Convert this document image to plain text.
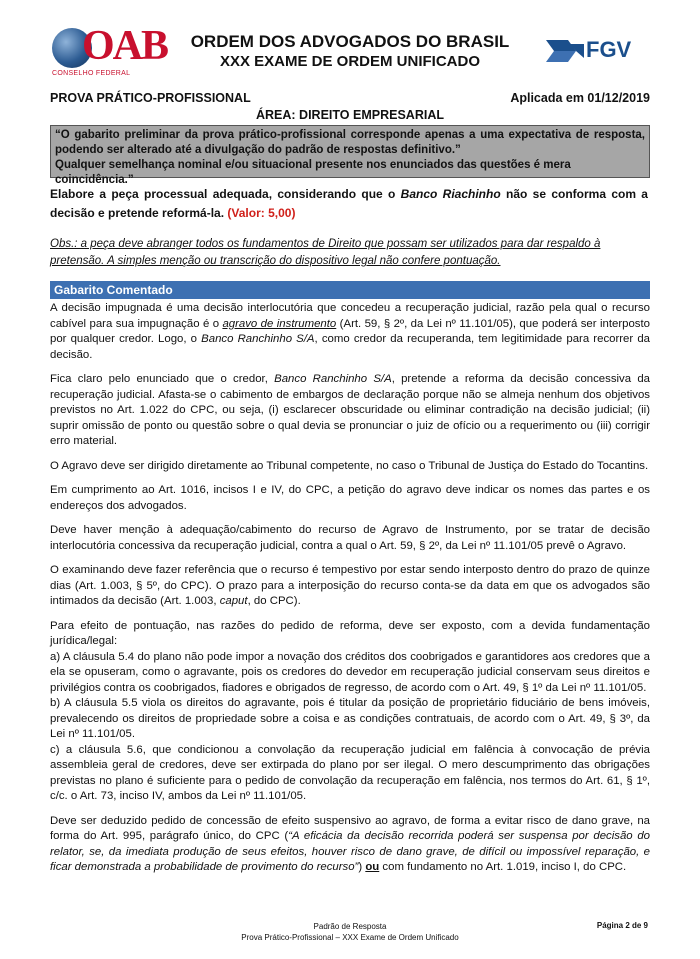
OAB
CONSELHO FEDERAL
ORDEM DOS ADVOGADOS DO BRASIL
XXX EXAME DE ORDEM UNIFICADO	FGV
PROVA PRÁTICO-PROFISSIONAL	Aplicada em 01/12/2019
ÁREA: DIREITO EMPRESARIAL

“O gabarito preliminar da prova prático-profissional corresponde apenas a uma expectativa de resposta, podendo ser alterado até a divulgação do padrão de respostas definitivo.”

Qualquer semelhança nominal e/ou situacional presente nos enunciados das questões é mera coincidência.”

Elabore a peça processual adequada, considerando que o Banco Riachinho não se conforma com a decisão e pretende reformá-la. (Valor: 5,00)
Obs.: a peça deve abranger todos os fundamentos de Direito que possam ser utilizados para dar respaldo à pretensão. A simples menção ou transcrição do dispositivo legal não confere pontuação.
Gabarito Comentado

A decisão impugnada é uma decisão interlocutória que concedeu a recuperação judicial, razão pela qual o recurso cabível para sua impugnação é o agravo de instrumento (Art. 59, § 2º, da Lei nº 11.101/05), que poderá ser interposto por qualquer credor. Logo, o Banco Ranchinho S/A, como credor da recuperanda, tem legitimidade para recorrer da decisão.

Fica claro pelo enunciado que o credor, Banco Ranchinho S/A, pretende a reforma da decisão concessiva da recuperação judicial. Afasta-se o cabimento de embargos de declaração porque não se almeja nenhum dos objetivos previstos no Art. 1.022 do CPC, ou seja, (i) esclarecer obscuridade ou eliminar contradição na decisão judicial; (ii) suprir omissão de ponto ou questão sobre o qual devia se pronunciar o juiz de ofício ou a requerimento ou (iii) corrigir erro material.

O Agravo deve ser dirigido diretamente ao Tribunal competente, no caso o Tribunal de Justiça do Estado do Tocantins.

Em cumprimento ao Art. 1016, incisos I e IV, do CPC, a petição do agravo deve indicar os nomes das partes e os endereços dos advogados.

Deve haver menção à adequação/cabimento do recurso de Agravo de Instrumento, por se tratar de decisão interlocutória concessiva da recuperação judicial, contra a qual o Art. 59, § 2º, da Lei nº 11.101/05 prevê o Agravo.

O examinando deve fazer referência que o recurso é tempestivo por estar sendo interposto dentro do prazo de quinze dias (Art. 1.003, § 5º, do CPC). O prazo para a interposição do recurso conta-se da data em que os advogados são intimados da decisão (Art. 1.003, caput, do CPC).

Para efeito de pontuação, nas razões do pedido de reforma, deve ser exposto, com a devida fundamentação jurídica/legal:

a) A cláusula 5.4 do plano não pode impor a novação dos créditos dos coobrigados e garantidores aos credores que a ela se opuseram, como o agravante, pois os credores do devedor em recuperação judicial conservam seus direitos e privilégios contra os coobrigados, fiadores e obrigados de regresso, de acordo com o Art. 49, § 1º da Lei nº 11.101/05.

b) A cláusula 5.5 viola os direitos do agravante, pois é titular da posição de proprietário fiduciário de bens imóveis, prevalecendo os direitos de propriedade sobre a coisa e as condições contratuais, de acordo com o Art. 49, § 3º, da Lei nº 11.101/05.

c) a cláusula 5.6, que condicionou a convolação da recuperação judicial em falência à convocação de prévia assembleia geral de credores, deve ser extirpada do plano por ser ilegal. O mero descumprimento das obrigações previstas no plano é suficiente para o pedido de convolação da recuperação em falência, nos termos do Art. 61, § 1º, c/c. o Art. 73, inciso IV, ambos da Lei nº 11.101/05.

Deve ser deduzido pedido de concessão de efeito suspensivo ao agravo, de forma a evitar risco de dano grave, na forma do Art. 995, parágrafo único, do CPC (“A eficácia da decisão recorrida poderá ser suspensa por decisão do relator, se, da imediata produção de seus efeitos, houver risco de dano grave, de difícil ou impossível reparação, e ficar demonstrada a probabilidade de provimento do recurso”) ou com fundamento no Art. 1.019, inciso I, do CPC.

Padrão de Resposta
Prova Prático-Profissional – XXX Exame de Ordem Unificado
Página 2 de 9
